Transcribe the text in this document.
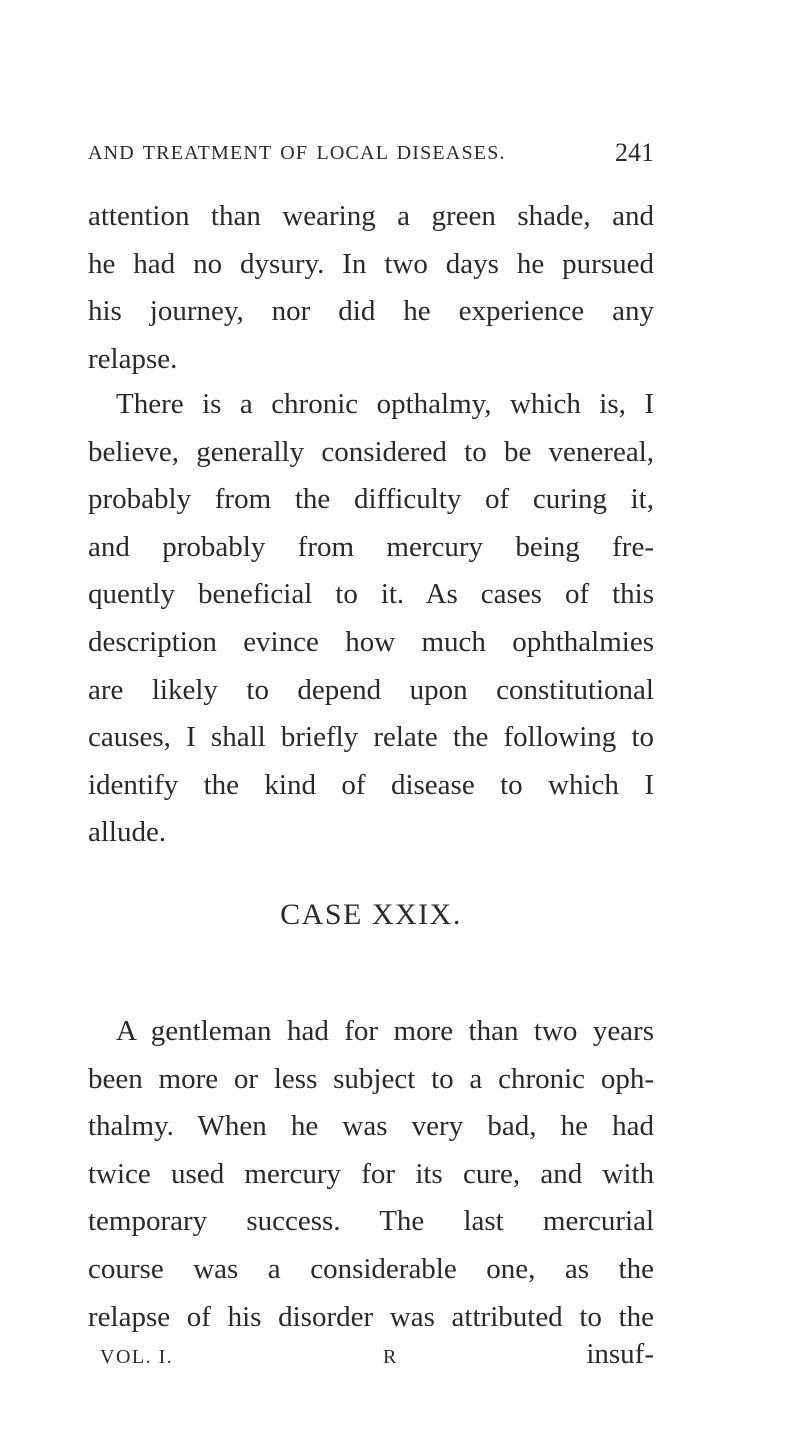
AND TREATMENT OF LOCAL DISEASES.	241

attention than wearing a green shade, and
he had no dysury. In two days he pursued
his journey, nor did he experience any
relapse.

There is a chronic opthalmy, which is, I
believe, generally considered to be venereal,
probably from the difficulty of curing it,
and probably from mercury being fre-
quently beneficial to it. As cases of this
description evince how much ophthalmies
are likely to depend upon constitutional
causes, I shall briefly relate the following to
identify the kind of disease to which I
allude.

CASE XXIX.

A gentleman had for more than two years
been more or less subject to a chronic oph-
thalmy. When he was very bad, he had
twice used mercury for its cure, and with
temporary success. The last mercurial
course was a considerable one, as the
relapse of his disorder was attributed to the

VOL. I.	R	insuf-
